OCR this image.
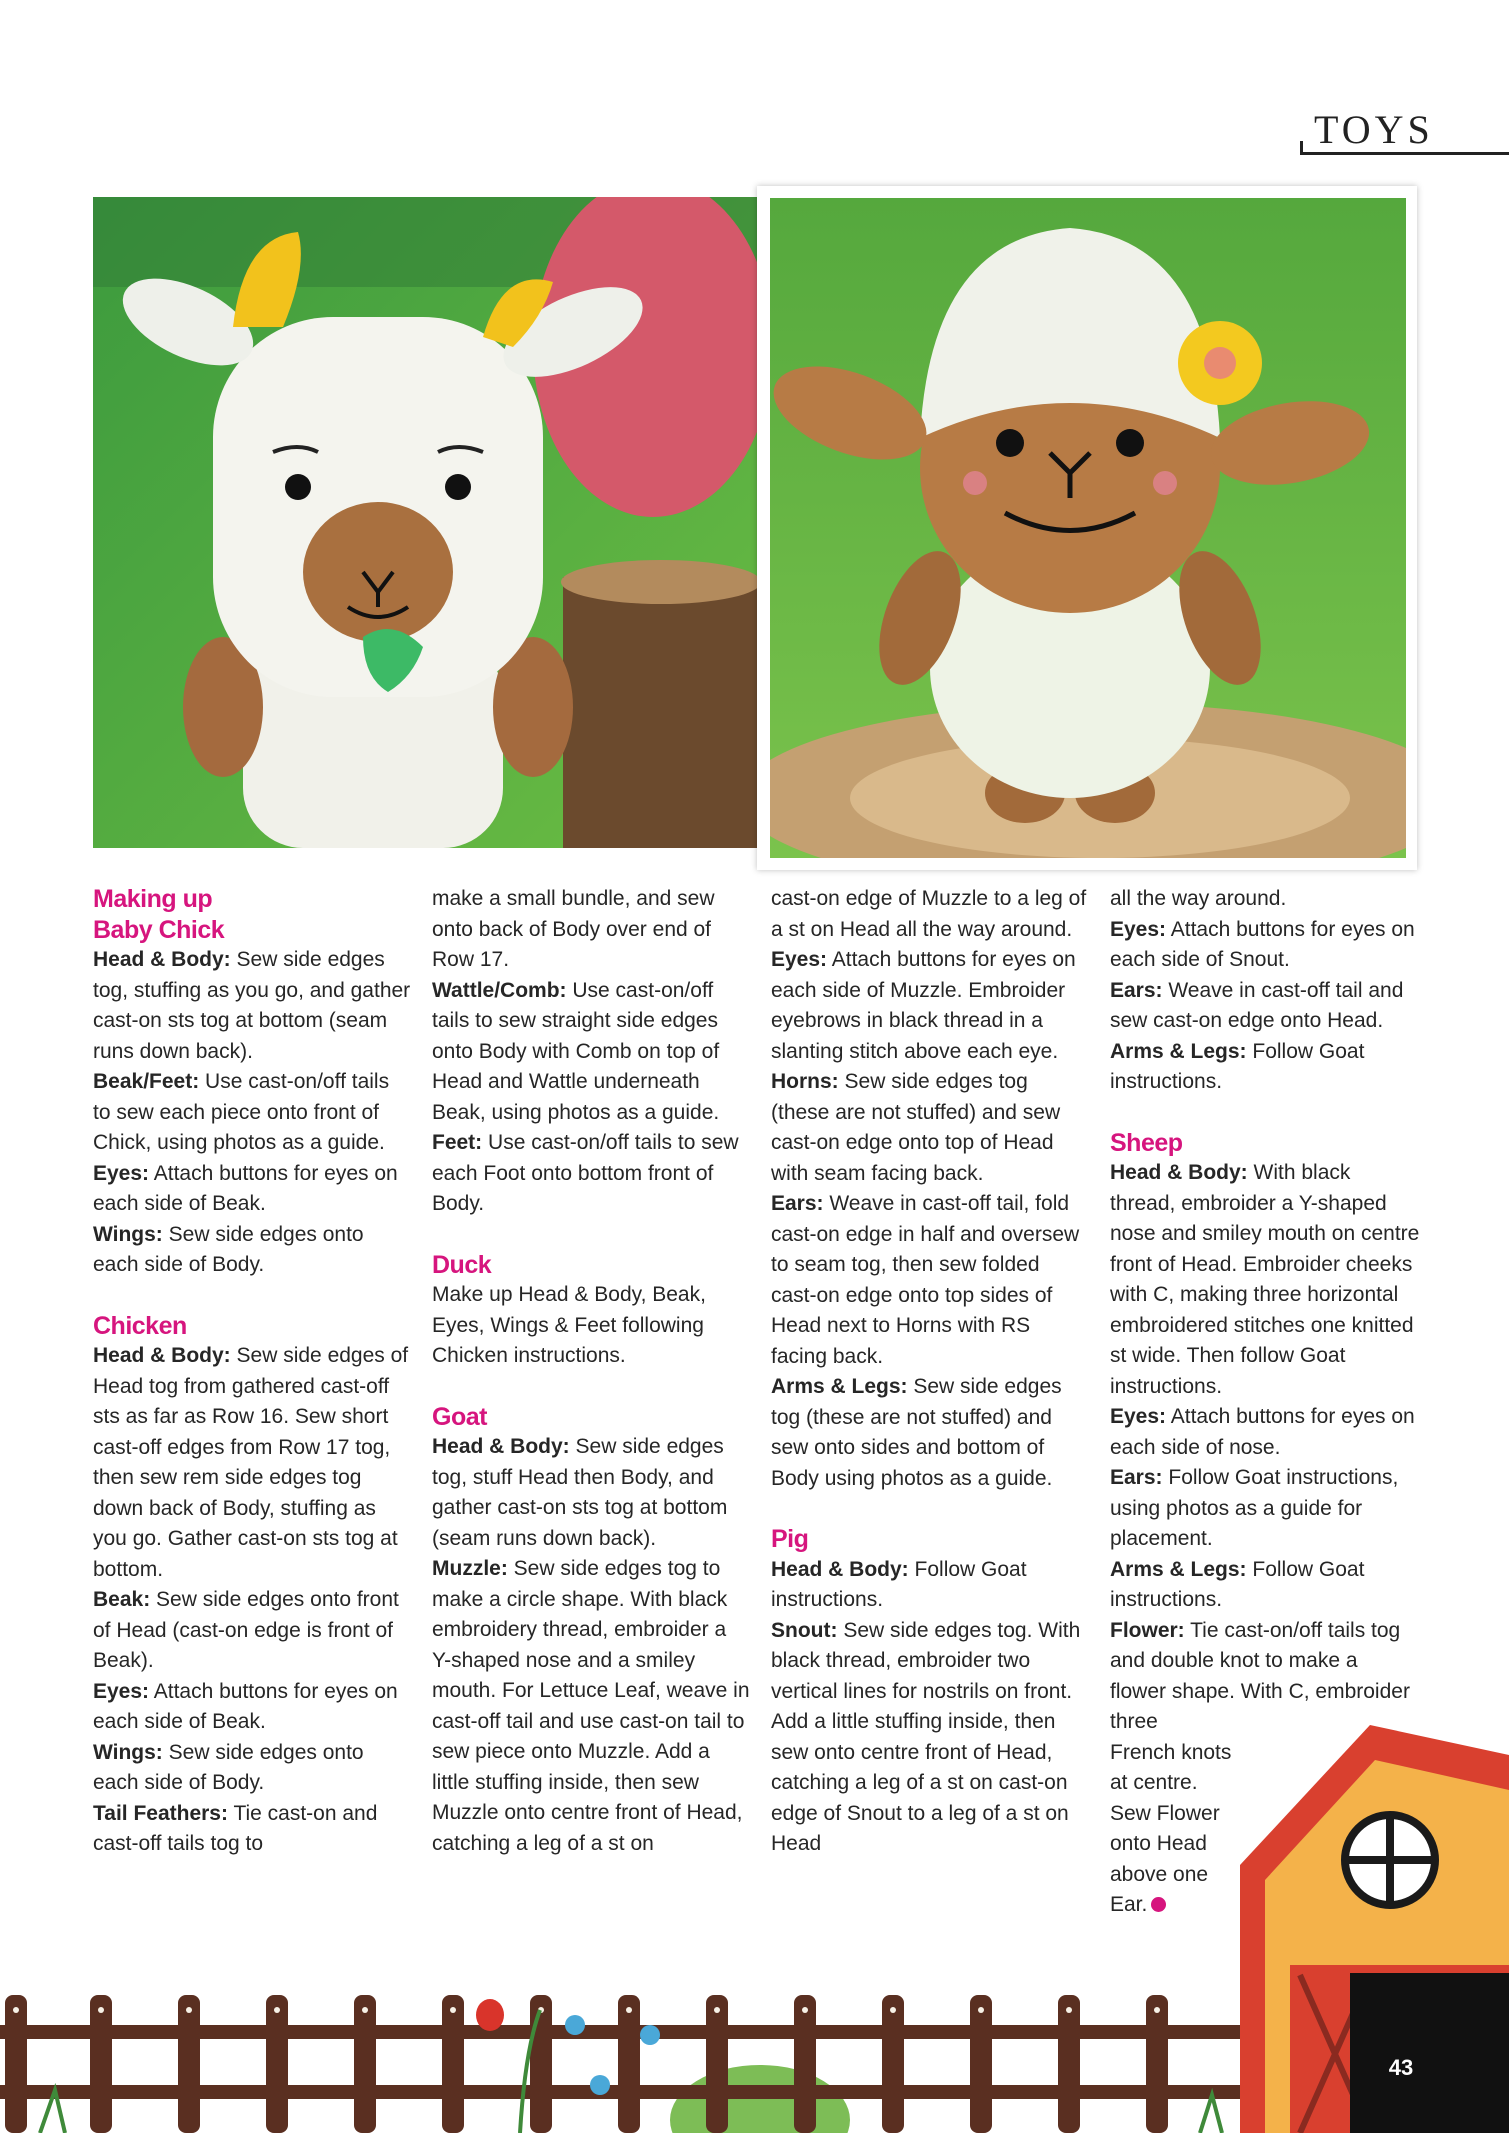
TOYS

Making up

Baby Chick

Head & Body: Sew side edges tog, stuffing as you go, and gather cast-on sts tog at bottom (seam runs down back).

Beak/Feet: Use cast-on/off tails to sew each piece onto front of Chick, using photos as a guide.

Eyes: Attach buttons for eyes on each side of Beak.

Wings: Sew side edges onto each side of Body.

Chicken

Head & Body: Sew side edges of Head tog from gathered cast-off sts as far as Row 16. Sew short cast-off edges from Row 17 tog, then sew rem side edges tog down back of Body, stuffing as you go. Gather cast-on sts tog at bottom.

Beak: Sew side edges onto front of Head (cast-on edge is front of Beak).

Eyes: Attach buttons for eyes on each side of Beak.

Wings: Sew side edges onto each side of Body.

Tail Feathers: Tie cast-on and cast-off tails tog to

make a small bundle, and sew onto back of Body over end of Row 17.

Wattle/Comb: Use cast-on/off tails to sew straight side edges onto Body with Comb on top of Head and Wattle underneath Beak, using photos as a guide.

Feet: Use cast-on/off tails to sew each Foot onto bottom front of Body.

Duck

Make up Head & Body, Beak, Eyes, Wings & Feet following Chicken instructions.

Goat

Head & Body: Sew side edges tog, stuff Head then Body, and gather cast-on sts tog at bottom (seam runs down back).

Muzzle: Sew side edges tog to make a circle shape. With black embroidery thread, embroider a Y-shaped nose and a smiley mouth. For Lettuce Leaf, weave in cast-off tail and use cast-on tail to sew piece onto Muzzle. Add a little stuffing inside, then sew Muzzle onto centre front of Head, catching a leg of a st on

cast-on edge of Muzzle to a leg of a st on Head all the way around.

Eyes: Attach buttons for eyes on each side of Muzzle. Embroider eyebrows in black thread in a slanting stitch above each eye.

Horns: Sew side edges tog (these are not stuffed) and sew cast-on edge onto top of Head with seam facing back.

Ears: Weave in cast-off tail, fold cast-on edge in half and oversew to seam tog, then sew folded cast-on edge onto top sides of Head next to Horns with RS facing back.

Arms & Legs: Sew side edges tog (these are not stuffed) and sew onto sides and bottom of Body using photos as a guide.

Pig

Head & Body: Follow Goat instructions.

Snout: Sew side edges tog. With black thread, embroider two vertical lines for nostrils on front. Add a little stuffing inside, then sew onto centre front of Head, catching a leg of a st on cast-on edge of Snout to a leg of a st on Head

all the way around.

Eyes: Attach buttons for eyes on each side of Snout.

Ears: Weave in cast-off tail and sew cast-on edge onto Head.

Arms & Legs: Follow Goat instructions.

Sheep

Head & Body: With black thread, embroider a Y-shaped nose and smiley mouth on centre front of Head. Embroider cheeks with C, making three horizontal embroidered stitches one knitted st wide. Then follow Goat instructions.

Eyes: Attach buttons for eyes on each side of nose.

Ears: Follow Goat instructions, using photos as a guide for placement.

Arms & Legs: Follow Goat instructions.

Flower: Tie cast-on/off tails tog and double knot to make a flower shape. With C, embroider three

French knots

at centre.

Sew Flower

onto Head

above one

Ear.

43
